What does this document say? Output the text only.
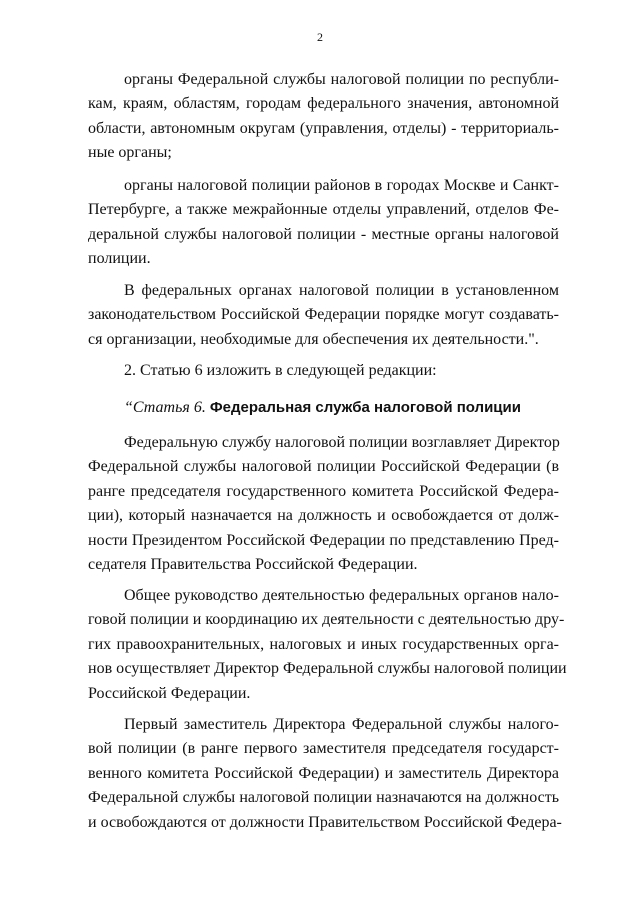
2
органы Федеральной службы налоговой полиции по республи-
кам, краям, областям, городам федерального значения, автономной
области, автономным округам (управления, отделы) - территориаль-
ные органы;
органы налоговой полиции районов в городах Москве и Санкт-
Петербурге, а также межрайонные отделы управлений, отделов Фе-
деральной службы налоговой полиции - местные органы налоговой
полиции.
В федеральных органах налоговой полиции в установленном
законодательством Российской Федерации порядке могут создавать-
ся организации, необходимые для обеспечения их деятельности.".
2. Статью 6 изложить в следующей редакции:
“Статья 6. Федеральная служба налоговой полиции
Федеральную службу налоговой полиции возглавляет Директор
Федеральной службы налоговой полиции Российской Федерации (в
ранге председателя государственного комитета Российской Федера-
ции), который назначается на должность и освобождается от долж-
ности Президентом Российской Федерации по представлению Пред-
седателя Правительства Российской Федерации.
Общее руководство деятельностью федеральных органов нало-
говой полиции и координацию их деятельности с деятельностью дру-
гих правоохранительных, налоговых и иных государственных орга-
нов осуществляет Директор Федеральной службы налоговой полиции
Российской Федерации.
Первый заместитель Директора Федеральной службы налого-
вой полиции (в ранге первого заместителя председателя государст-
венного комитета Российской Федерации) и заместитель Директора
Федеральной службы налоговой полиции назначаются на должность
и освобождаются от должности Правительством Российской Федера-
